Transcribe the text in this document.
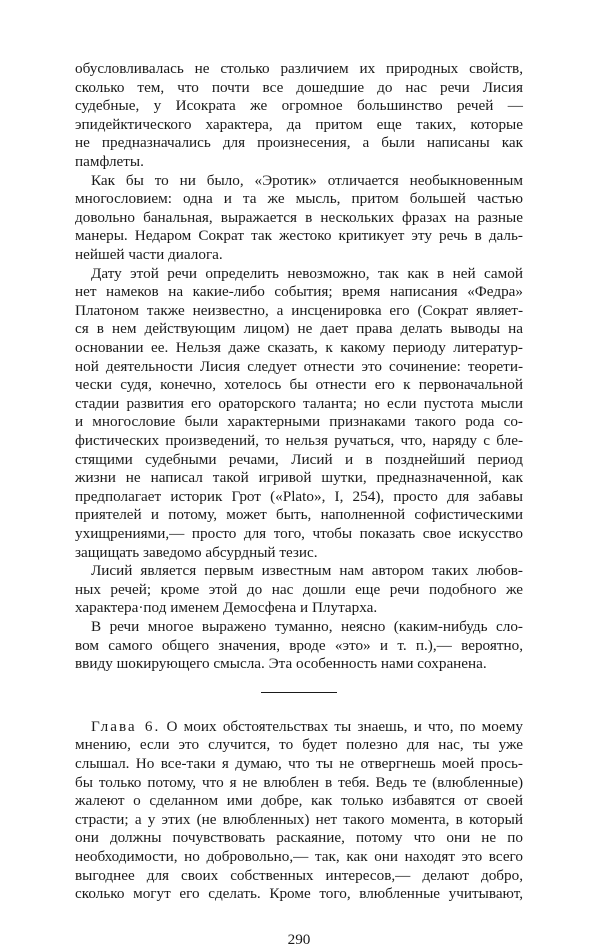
обусловливалась не столько различием их природных свойств,
сколько тем, что почти все дошедшие до нас речи Лисия
судебные, у Исократа же огромное большинство речей —
эпидейктического характера, да притом еще таких, которые
не предназначались для произнесения, а были написаны как
памфлеты.
Как бы то ни было, «Эротик» отличается необыкновенным
многословием: одна и та же мысль, притом большей частью
довольно банальная, выражается в нескольких фразах на разные
манеры. Недаром Сократ так жестоко критикует эту речь в даль-
нейшей части диалога.
Дату этой речи определить невозможно, так как в ней самой
нет намеков на какие-либо события; время написания «Федра»
Платоном также неизвестно, а инсценировка его (Сократ являет-
ся в нем действующим лицом) не дает права делать выводы на
основании ее. Нельзя даже сказать, к какому периоду литератур-
ной деятельности Лисия следует отнести это сочинение: теорети-
чески судя, конечно, хотелось бы отнести его к первоначальной
стадии развития его ораторского таланта; но если пустота мысли
и многословие были характерными признаками такого рода со-
фистических произведений, то нельзя ручаться, что, наряду с бле-
стящими судебными речами, Лисий и в позднейший период
жизни не написал такой игривой шутки, предназначенной, как
предполагает историк Грот («Plato», I, 254), просто для забавы
приятелей и потому, может быть, наполненной софистическими
ухищрениями,— просто для того, чтобы показать свое искусство
защищать заведомо абсурдный тезис.
Лисий является первым известным нам автором таких любов-
ных речей; кроме этой до нас дошли еще речи подобного же
характера·под именем Демосфена и Плутарха.
В речи многое выражено туманно, неясно (каким-нибудь сло-
вом самого общего значения, вроде «это» и т. п.),— вероятно,
ввиду шокирующего смысла. Эта особенность нами сохранена.
Глава 6. О моих обстоятельствах ты знаешь, и что, по моему
мнению, если это случится, то будет полезно для нас, ты уже
слышал. Но все-таки я думаю, что ты не отвергнешь моей прось-
бы только потому, что я не влюблен в тебя. Ведь те (влюбленные)
жалеют о сделанном ими добре, как только избавятся от своей
страсти; а у этих (не влюбленных) нет такого момента, в который
они должны почувствовать раскаяние, потому что они не по
необходимости, но добровольно,— так, как они находят это всего
выгоднее для своих собственных интересов,— делают добро,
сколько могут его сделать. Кроме того, влюбленные учитывают,
290
